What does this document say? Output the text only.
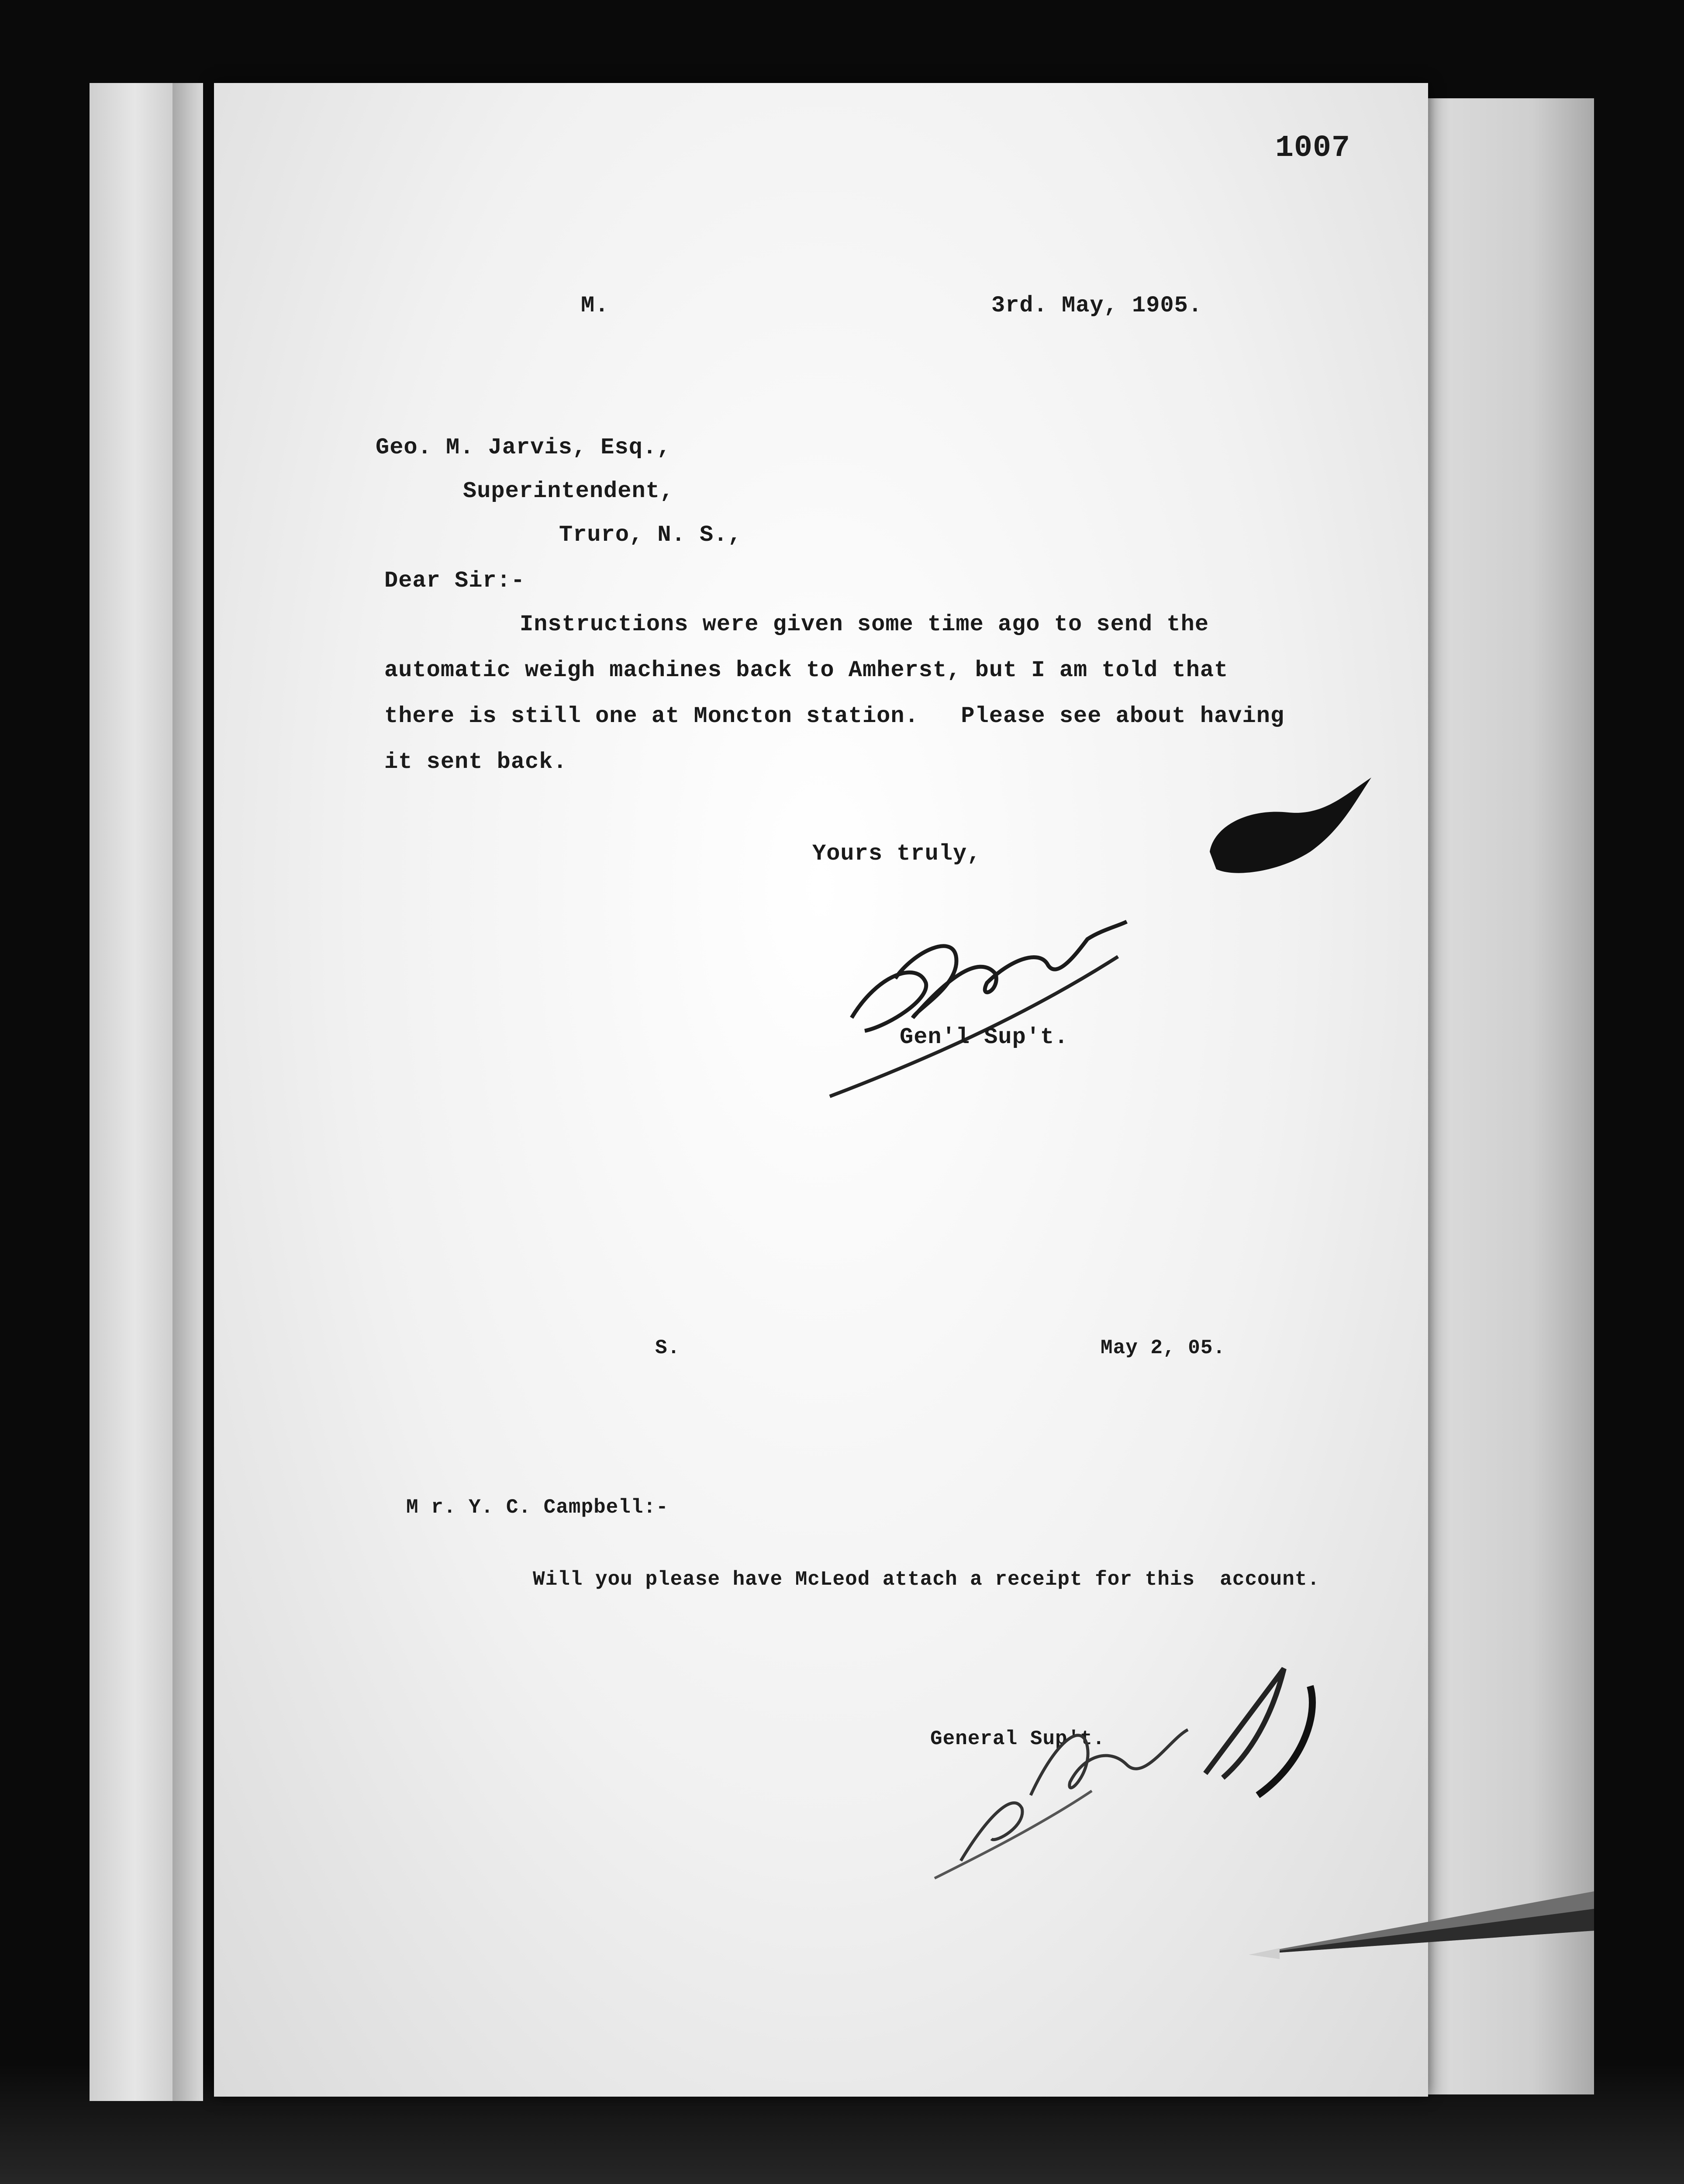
1007
M.	3rd. May, 1905.
Geo. M. Jarvis, Esq.,
Superintendent,
Truro, N. S.,
Dear Sir:-
Instructions were given some time ago to send the
automatic weigh machines back to Amherst, but I am told that
there is still one at Moncton station.   Please see about having
it sent back.
Yours truly,
Gen'l Sup't.
S.	May 2, 05.
M r. Y. C. Campbell:-
Will you please have McLeod attach a receipt for this  account.
General Sup't.
